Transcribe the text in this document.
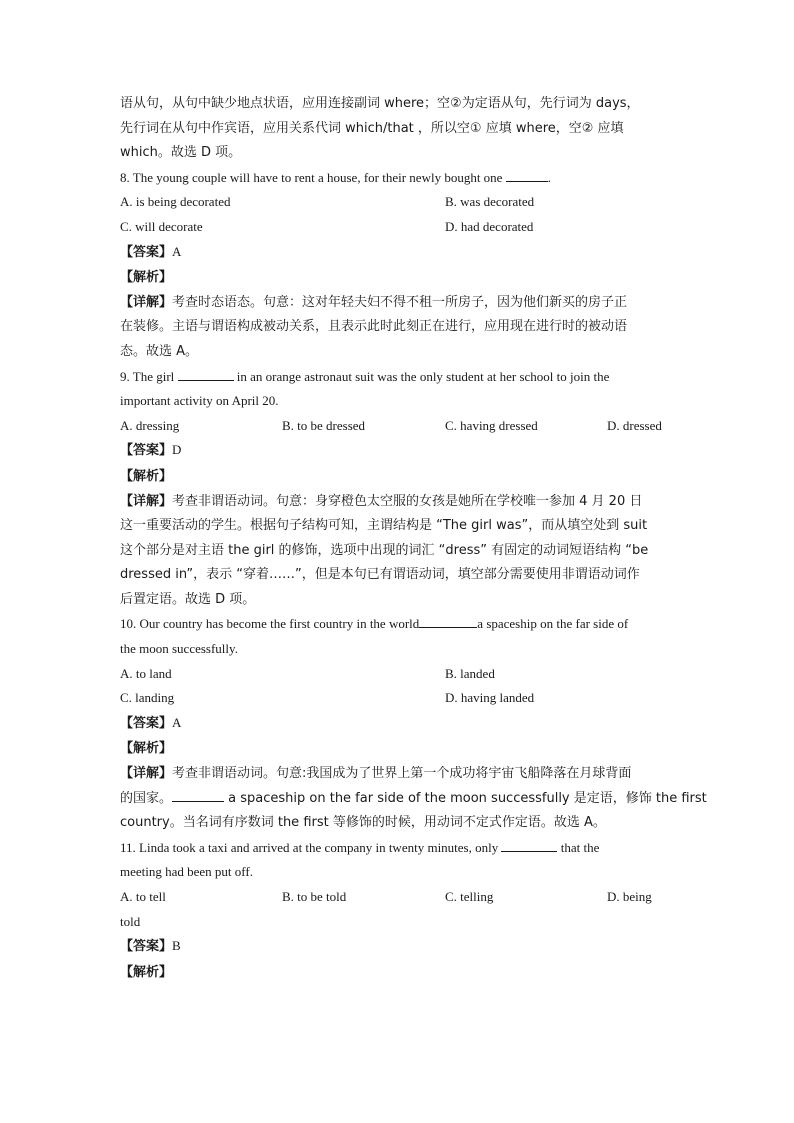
语从句，从句中缺少地点状语，应用连接副词 where；空②为定语从句，先行词为 days，
先行词在从句中作宾语，应用关系代词 which/that ，所以空① 应填 where，空② 应填
which。故选 D 项。
8. The young couple will have to rent a house, for their newly bought one	.
A. is being decorated	B. was decorated
C. will decorate	D. had decorated
【答案】A
【解析】
【详解】考查时态语态。句意：这对年轻夫妇不得不租一所房子，因为他们新买的房子正
在装修。主语与谓语构成被动关系，且表示此时此刻正在进行，应用现在进行时的被动语
态。故选 A。
9. The girl	in an orange astronaut suit was the only student at her school to join the
important activity on April 20.
A. dressing	B. to be dressed	C. having dressed	D. dressed
【答案】D
【解析】
【详解】考查非谓语动词。句意：身穿橙色太空服的女孩是她所在学校唯一参加 4 月 20 日
这一重要活动的学生。根据句子结构可知，主谓结构是 “The girl was”，而从填空处到 suit
这个部分是对主语 the girl 的修饰，选项中出现的词汇 “dress” 有固定的动词短语结构 “be
dressed in”，表示 “穿着……”，但是本句已有谓语动词，填空部分需要使用非谓语动词作
后置定语。故选 D 项。
10. Our country has become the first country in the world	a spaceship on the far side of
the moon successfully.
A. to land	B. landed
C. landing	D. having landed
【答案】A
【解析】
【详解】考查非谓语动词。句意:我国成为了世界上第一个成功将宇宙飞船降落在月球背面
的国家。	a spaceship on the far side of the moon successfully 是定语，修饰 the first
country。当名词有序数词 the first 等修饰的时候，用动词不定式作定语。故选 A。
11. Linda took a taxi and arrived at the company in twenty minutes, only	that the
meeting had been put off.
A. to tell	B. to be told	C. telling	D. being
told
【答案】B
【解析】
